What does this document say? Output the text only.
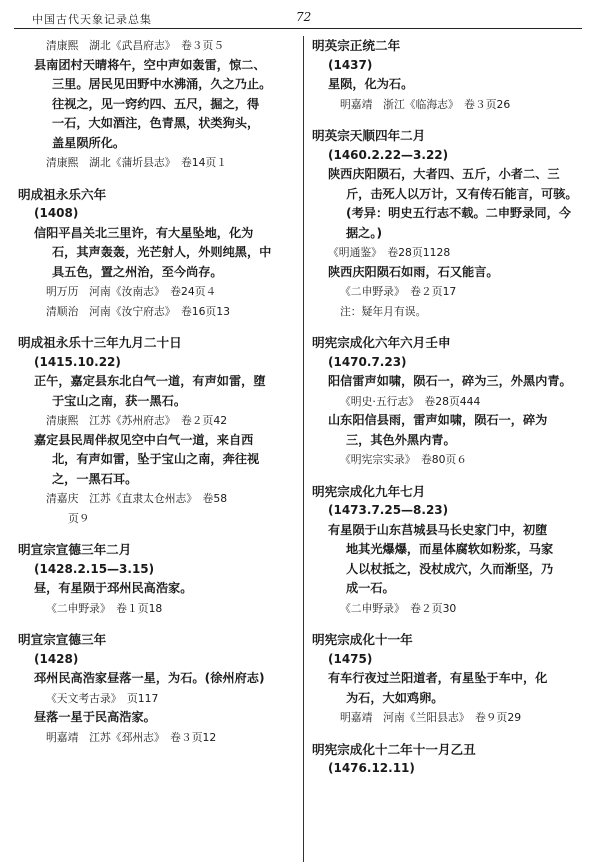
中国古代天象记录总集	72
清康熙　湖北《武昌府志》　卷３页５
县南团村天晴将午，空中声如轰雷，惊二、
三里。居民见田野中水沸涌，久之乃止。
往视之，见一窍约四、五尺，掘之，得
一石，大如酒注，色青黑，状类狗头，
盖星陨所化。
清康熙　湖北《蒲圻县志》　卷14页１
明成祖永乐六年
(1408)
信阳平昌关北三里许，有大星坠地，化为
石，其声轰轰，光芒射人，外则纯黑，中
具五色，置之州治，至今尚存。
明万历　河南《汝南志》　卷24页４
清顺治　河南《汝宁府志》　卷16页13
明成祖永乐十三年九月二十日
(1415.10.22)
正午，嘉定县东北白气一道，有声如雷，堕
于宝山之南，获一黑石。
清康熙　江苏《苏州府志》　卷２页42
嘉定县民周伴叔见空中白气一道，来自西
北，有声如雷，坠于宝山之南，奔往视
之，一黑石耳。
清嘉庆　江苏《直隶太仓州志》　卷58
页９
明宣宗宣德三年二月
(1428.2.15—3.15)
昼，有星陨于邳州民高浩家。
《二申野录》　卷１页18
明宣宗宣德三年
(1428)
邳州民高浩家昼落一星，为石。(徐州府志)
《天文考古录》　页117
昼落一星于民高浩家。
明嘉靖　江苏《邳州志》　卷３页12
明英宗正统二年
(1437)
星陨，化为石。
明嘉靖　浙江《临海志》　卷３页26
明英宗天顺四年二月
(1460.2.22—3.22)
陕西庆阳陨石，大者四、五斤，小者二、三
斤，击死人以万计，又有传石能言，可骇。
(考异：明史五行志不载。二申野录同，今
据之。)
《明通鉴》　卷28页1128
陕西庆阳陨石如雨，石又能言。
《二申野录》　卷２页17
注：疑年月有误。
明宪宗成化六年六月壬申
(1470.7.23)
阳信雷声如啸，陨石一，碎为三，外黑内青。
《明史·五行志》　卷28页444
山东阳信县雨，雷声如啸，陨石一，碎为
三，其色外黑内青。
《明宪宗实录》　卷80页６
明宪宗成化九年七月
(1473.7.25—8.23)
有星陨于山东莒城县马长史家门中，初堕
地其光爆爆，而星体腐软如粉浆，马家
人以杖抵之，没杖成穴，久而渐坚，乃
成一石。
《二申野录》　卷２页30
明宪宗成化十一年
(1475)
有车行夜过兰阳道者，有星坠于车中，化
为石，大如鸡卵。
明嘉靖　河南《兰阳县志》　卷９页29
明宪宗成化十二年十一月乙丑
(1476.12.11)
